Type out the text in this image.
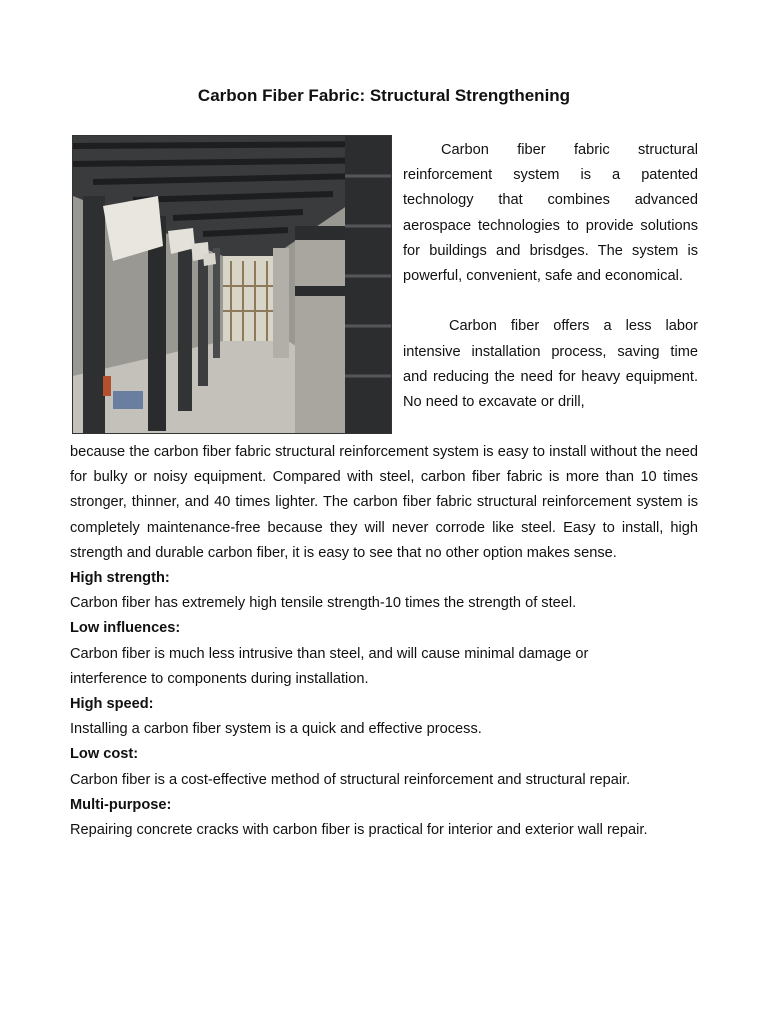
Carbon Fiber Fabric: Structural Strengthening

Carbon fiber fabric structural reinforcement system is a patented technology that combines advanced aerospace technologies to provide solutions for buildings and brisdges. The system is powerful, convenient, safe and economical.

Carbon fiber offers a less labor intensive installation process, saving time and reducing the need for heavy equipment. No need to excavate or drill,

because the carbon fiber fabric structural reinforcement system is easy to install without the need for bulky or noisy equipment. Compared with steel, carbon fiber fabric is more than 10 times stronger, thinner, and 40 times lighter. The carbon fiber fabric structural reinforcement system is completely maintenance-free because they will never corrode like steel. Easy to install, high strength and durable carbon fiber, it is easy to see that no other option makes sense.

High strength:

Carbon fiber has extremely high tensile strength-10 times the strength of steel.

Low influences:

Carbon fiber is much less intrusive than steel, and will cause minimal damage or interference to components during installation.

High speed:

Installing a carbon fiber system is a quick and effective process.

Low cost:

Carbon fiber is a cost-effective method of structural reinforcement and structural repair.

Multi-purpose:

Repairing concrete cracks with carbon fiber is practical for interior and exterior wall repair.
